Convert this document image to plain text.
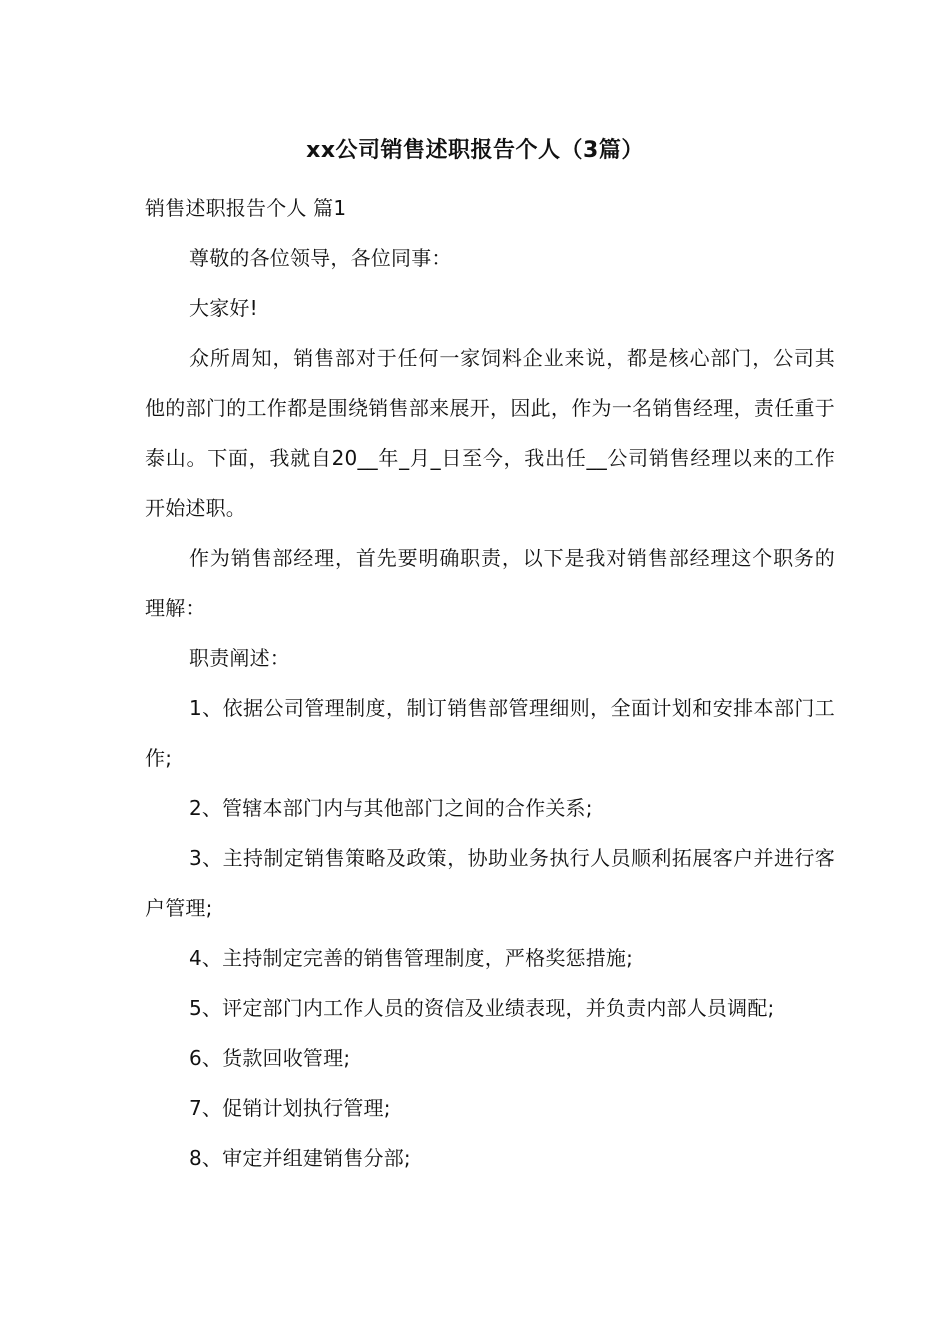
xx公司销售述职报告个人（3篇）

销售述职报告个人 篇1

尊敬的各位领导，各位同事：

大家好!

众所周知，销售部对于任何一家饲料企业来说，都是核心部门，公司其他的部门的工作都是围绕销售部来展开，因此，作为一名销售经理，责任重于泰山。下面，我就自20__年_月_日至今，我出任__公司销售经理以来的工作开始述职。

作为销售部经理，首先要明确职责，以下是我对销售部经理这个职务的理解：

职责阐述：

1、依据公司管理制度，制订销售部管理细则，全面计划和安排本部门工作;

2、管辖本部门内与其他部门之间的合作关系;

3、主持制定销售策略及政策，协助业务执行人员顺利拓展客户并进行客户管理;

4、主持制定完善的销售管理制度，严格奖惩措施;

5、评定部门内工作人员的资信及业绩表现，并负责内部人员调配;

6、货款回收管理;

7、促销计划执行管理;

8、审定并组建销售分部;
